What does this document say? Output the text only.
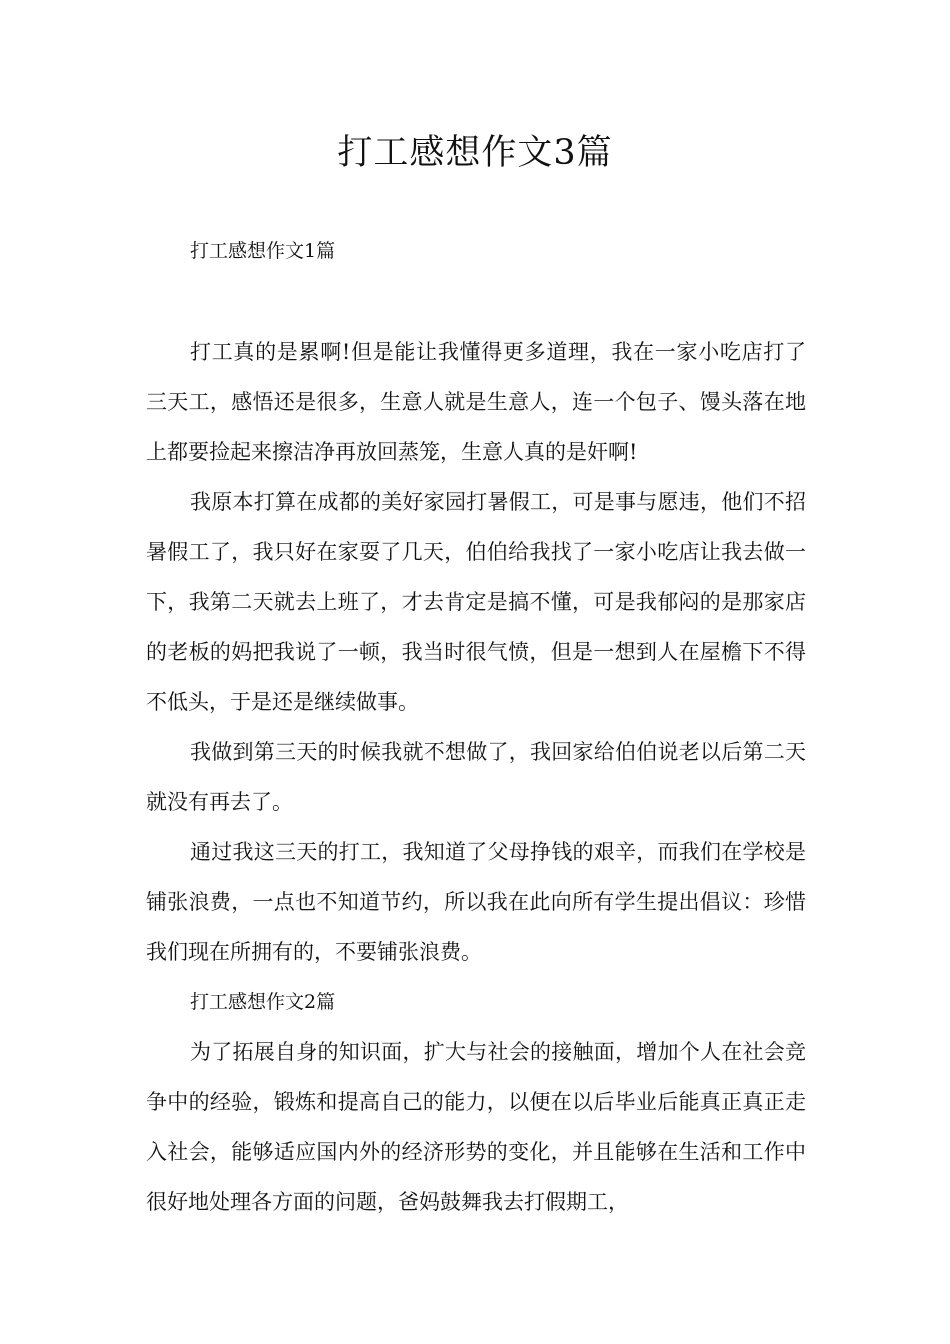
打工感想作文3篇

打工感想作文1篇

打工真的是累啊!但是能让我懂得更多道理，我在一家小吃店打了三天工，感悟还是很多，生意人就是生意人，连一个包子、馒头落在地上都要捡起来擦洁净再放回蒸笼，生意人真的是奸啊!

我原本打算在成都的美好家园打暑假工，可是事与愿违，他们不招暑假工了，我只好在家耍了几天，伯伯给我找了一家小吃店让我去做一下，我第二天就去上班了，才去肯定是搞不懂，可是我郁闷的是那家店的老板的妈把我说了一顿，我当时很气愤，但是一想到人在屋檐下不得不低头，于是还是继续做事。

我做到第三天的时候我就不想做了，我回家给伯伯说老以后第二天就没有再去了。

通过我这三天的打工，我知道了父母挣钱的艰辛，而我们在学校是铺张浪费，一点也不知道节约，所以我在此向所有学生提出倡议：珍惜我们现在所拥有的，不要铺张浪费。

打工感想作文2篇

为了拓展自身的知识面，扩大与社会的接触面，增加个人在社会竞争中的经验，锻炼和提高自己的能力，以便在以后毕业后能真正真正走入社会，能够适应国内外的经济形势的变化，并且能够在生活和工作中很好地处理各方面的问题，爸妈鼓舞我去打假期工，
